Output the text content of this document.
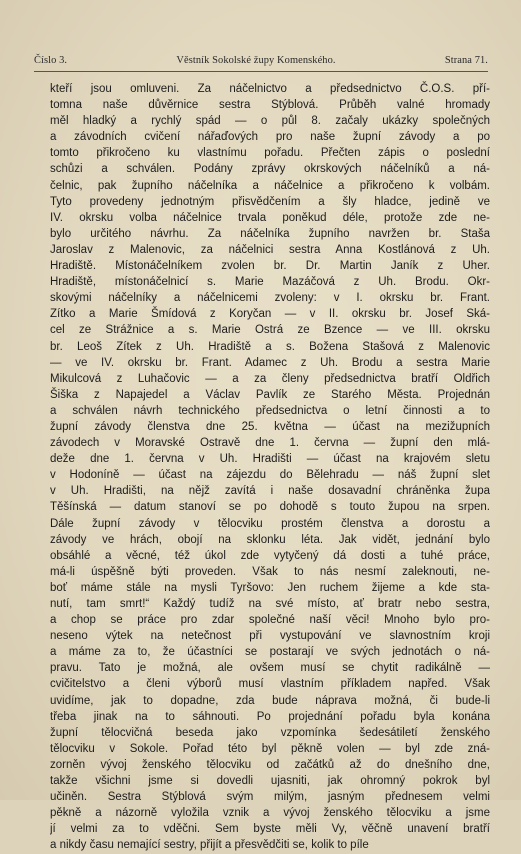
Číslo 3.	Věstník Sokolské župy Komenského.	Strana 71.
kteří jsou omluveni. Za náčelnictvo a předsednictvo Č.O.S. pří-
tomna naše důvěrnice sestra Stýblová. Průběh valné hromady
měl hladký a rychlý spád — o půl 8. začaly ukázky společných
a závodních cvičení nářaďových pro naše župní závody a po
tomto přikročeno ku vlastnímu pořadu. Přečten zápis o poslední
schůzi a schválen. Podány zprávy okrskových náčelníků a ná-
čelnic, pak župního náčelníka a náčelnice a přikročeno k volbám.
Tyto provedeny jednotným přisvědčením a šly hladce, jedině ve
IV. okrsku volba náčelnice trvala poněkud déle, protože zde ne-
bylo určitého návrhu. Za náčelníka župního navržen br. Staša
Jaroslav z Malenovic, za náčelnici sestra Anna Kostlánová z Uh.
Hradiště. Místonáčelníkem zvolen br. Dr. Martin Janík z Uher.
Hradiště, místonáčelnicí s. Marie Mazáčová z Uh. Brodu. Okr-
skovými náčelníky a náčelnicemi zvoleny: v I. okrsku br. Frant.
Zítko a Marie Šmídová z Koryčan — v II. okrsku br. Josef Ská-
cel ze Strážnice a s. Marie Ostrá ze Bzence — ve III. okrsku
br. Leoš Zítek z Uh. Hradiště a s. Božena Stašová z Malenovic
— ve IV. okrsku br. Frant. Adamec z Uh. Brodu a sestra Marie
Mikulcová z Luhačovic — a za členy předsednictva bratří Oldřich
Šiška z Napajedel a Václav Pavlík ze Starého Města. Projednán
a schválen návrh technického předsednictva o letní činnosti a to
župní závody členstva dne 25. května — účast na mezižupních
závodech v Moravské Ostravě dne 1. června — župní den mlá-
deže dne 1. června v Uh. Hradišti — účast na krajovém sletu
v Hodoníně — účast na zájezdu do Bělehradu — náš župní slet
v Uh. Hradišti, na nějž zavítá i naše dosavadní chráněnka župa
Těšínská — datum stanoví se po dohodě s touto župou na srpen.
Dále župní závody v tělocviku prostém členstva a dorostu a
závody ve hrách, obojí na sklonku léta. Jak vidět, jednání bylo
obsáhlé a věcné, též úkol zde vytyčený dá dosti a tuhé práce,
má-li úspěšně býti proveden. Však to nás nesmí zaleknouti, ne-
boť máme stále na mysli Tyršovo: Jen ruchem žijeme a kde sta-
nutí, tam smrt!“ Každý tudíž na své místo, ať bratr nebo sestra,
a chop se práce pro zdar společné naší věci! Mnoho bylo pro-
neseno výtek na netečnost při vystupování ve slavnostním kroji
a máme za to, že účastníci se postarají ve svých jednotách o ná-
pravu. Tato je možná, ale ovšem musí se chytit radikálně —
cvičitelstvo a členi výborů musí vlastním příkladem napřed. Však
uvidíme, jak to dopadne, zda bude náprava možná, či bude-li
třeba jinak na to sáhnouti. Po projednání pořadu byla konána
župní tělocvičná beseda jako vzpomínka šedesátiletí ženského
tělocviku v Sokole. Pořad této byl pěkně volen — byl zde zná-
zorněn vývoj ženského tělocviku od začátků až do dnešního dne,
takže všichni jsme si dovedli ujasniti, jak ohromný pokrok byl
učiněn. Sestra Stýblová svým milým, jasným přednesem velmi
pěkně a názorně vyložila vznik a vývoj ženského tělocviku a jsme
jí velmi za to vděčni. Sem byste měli Vy, věčně unavení bratří
a nikdy času nemající sestry, přijít a přesvědčiti se, kolik to píle
